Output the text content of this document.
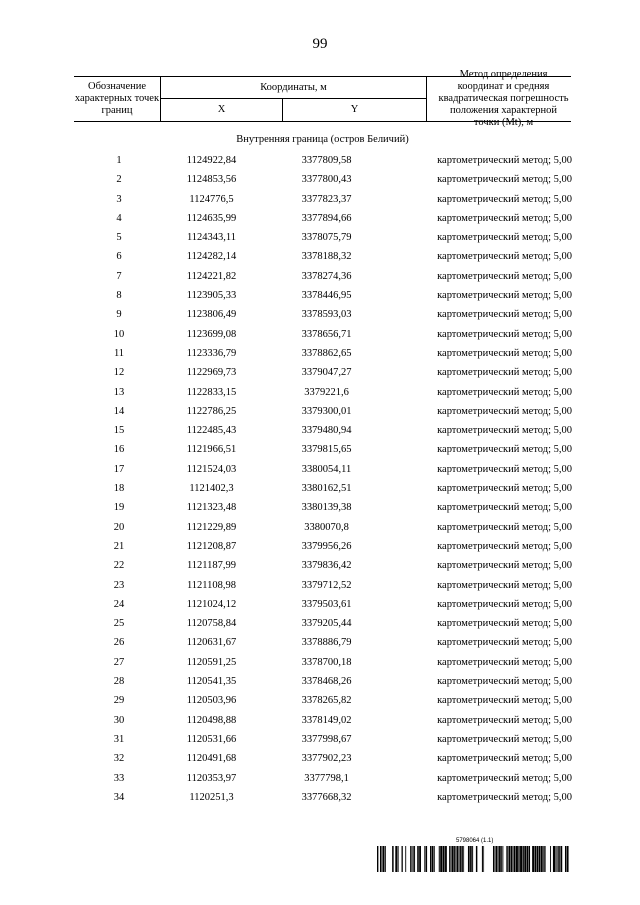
99
Обозначение характерных точек границ
Координаты, м
X	Y
Метод определения координат и средняя квадратическая погрешность положения характерной точки (Mt), м
Внутренняя граница (остров Беличий)
1	1124922,84	3377809,58	картометрический метод; 5,00
2	1124853,56	3377800,43	картометрический метод; 5,00
3	1124776,5	3377823,37	картометрический метод; 5,00
4	1124635,99	3377894,66	картометрический метод; 5,00
5	1124343,11	3378075,79	картометрический метод; 5,00
6	1124282,14	3378188,32	картометрический метод; 5,00
7	1124221,82	3378274,36	картометрический метод; 5,00
8	1123905,33	3378446,95	картометрический метод; 5,00
9	1123806,49	3378593,03	картометрический метод; 5,00
10	1123699,08	3378656,71	картометрический метод; 5,00
11	1123336,79	3378862,65	картометрический метод; 5,00
12	1122969,73	3379047,27	картометрический метод; 5,00
13	1122833,15	3379221,6	картометрический метод; 5,00
14	1122786,25	3379300,01	картометрический метод; 5,00
15	1122485,43	3379480,94	картометрический метод; 5,00
16	1121966,51	3379815,65	картометрический метод; 5,00
17	1121524,03	3380054,11	картометрический метод; 5,00
18	1121402,3	3380162,51	картометрический метод; 5,00
19	1121323,48	3380139,38	картометрический метод; 5,00
20	1121229,89	3380070,8	картометрический метод; 5,00
21	1121208,87	3379956,26	картометрический метод; 5,00
22	1121187,99	3379836,42	картометрический метод; 5,00
23	1121108,98	3379712,52	картометрический метод; 5,00
24	1121024,12	3379503,61	картометрический метод; 5,00
25	1120758,84	3379205,44	картометрический метод; 5,00
26	1120631,67	3378886,79	картометрический метод; 5,00
27	1120591,25	3378700,18	картометрический метод; 5,00
28	1120541,35	3378468,26	картометрический метод; 5,00
29	1120503,96	3378265,82	картометрический метод; 5,00
30	1120498,88	3378149,02	картометрический метод; 5,00
31	1120531,66	3377998,67	картометрический метод; 5,00
32	1120491,68	3377902,23	картометрический метод; 5,00
33	1120353,97	3377798,1	картометрический метод; 5,00
34	1120251,3	3377668,32	картометрический метод; 5,00
5798064 (1.1)
